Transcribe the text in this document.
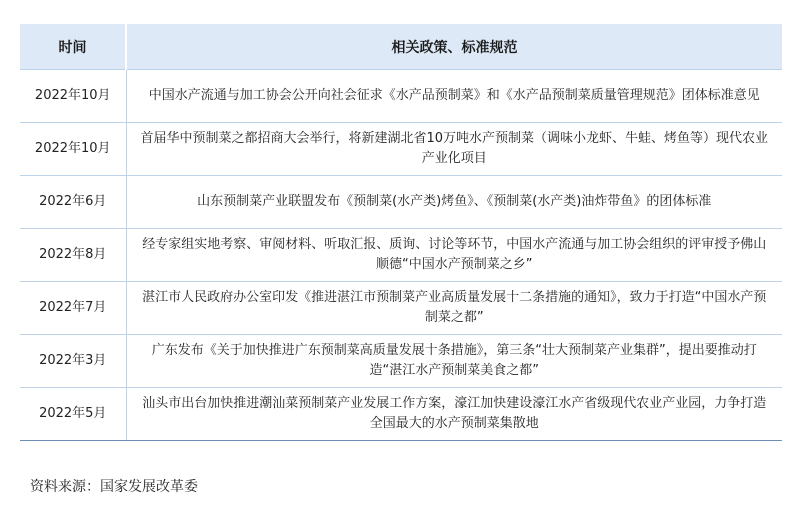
时间	相关政策、标准规范
2022年10月	中国水产流通与加工协会公开向社会征求《水产品预制菜》和《水产品预制菜质量管理规范》团体标准意见
2022年10月	首届华中预制菜之都招商大会举行，将新建湖北省10万吨水产预制菜（调味小龙虾、牛蛙、烤鱼等）现代农业产业化项目
2022年6月	山东预制菜产业联盟发布《预制菜(水产类)烤鱼》、《预制菜(水产类)油炸带鱼》的团体标准
2022年8月	经专家组实地考察、审阅材料、听取汇报、质询、讨论等环节，中国水产流通与加工协会组织的评审授予佛山顺德“中国水产预制菜之乡”
2022年7月	湛江市人民政府办公室印发《推进湛江市预制菜产业高质量发展十二条措施的通知》，致力于打造“中国水产预制菜之都”
2022年3月	广东发布《关于加快推进广东预制菜高质量发展十条措施》，第三条“壮大预制菜产业集群”，提出要推动打造“湛江水产预制菜美食之都”
2022年5月	汕头市出台加快推进潮汕菜预制菜产业发展工作方案，濠江加快建设濠江水产省级现代农业产业园，力争打造全国最大的水产预制菜集散地
资料来源：国家发展改革委
